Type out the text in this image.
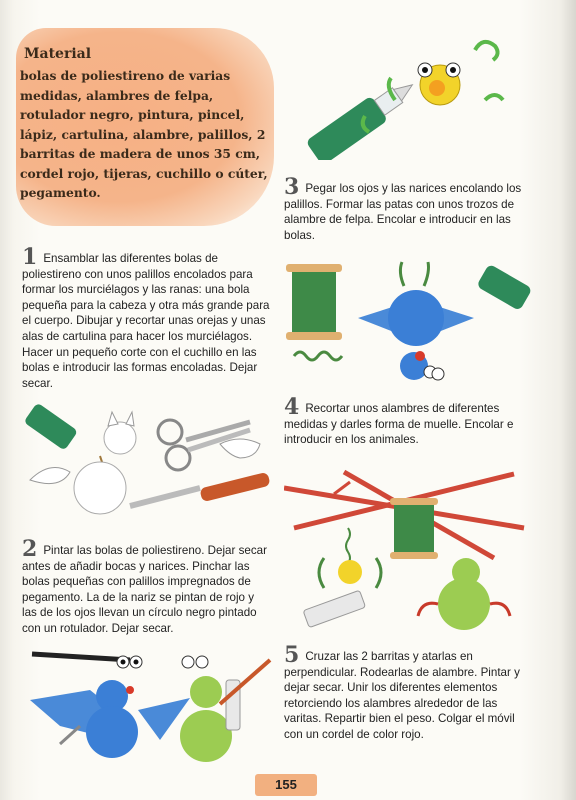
Material

bolas de poliestireno de varias medidas, alambres de felpa, rotulador negro, pintura, pincel, lápiz, cartulina, alambre, palillos, 2 barritas de madera de unos 35 cm, cordel rojo, tijeras, cuchillo o cúter, pegamento.

1 Ensamblar las diferentes bolas de poliestireno con unos palillos encolados para formar los murciélagos y las ranas: una bola pequeña para la cabeza y otra más grande para el cuerpo. Dibujar y recortar unas orejas y unas alas de cartulina para hacer los murciélagos. Hacer un pequeño corte con el cuchillo en las bolas e introducir las formas encoladas. Dejar secar.
2 Pintar las bolas de poliestireno. Dejar secar antes de añadir bocas y narices. Pinchar las bolas pequeñas con palillos impregnados de pegamento. La de la nariz se pintan de rojo y las de los ojos llevan un círculo negro pintado con un rotulador. Dejar secar.
3 Pegar los ojos y las narices encolando los palillos. Formar las patas con unos trozos de alambre de felpa. Encolar e introducir en las bolas.
4 Recortar unos alambres de diferentes medidas y darles forma de muelle. Encolar e introducir en los animales.
5 Cruzar las 2 barritas y atarlas en perpendicular. Rodearlas de alambre. Pintar y dejar secar. Unir los diferentes elementos retorciendo los alambres alrededor de las varitas. Repartir bien el peso. Colgar el móvil con un cordel de color rojo.
155
